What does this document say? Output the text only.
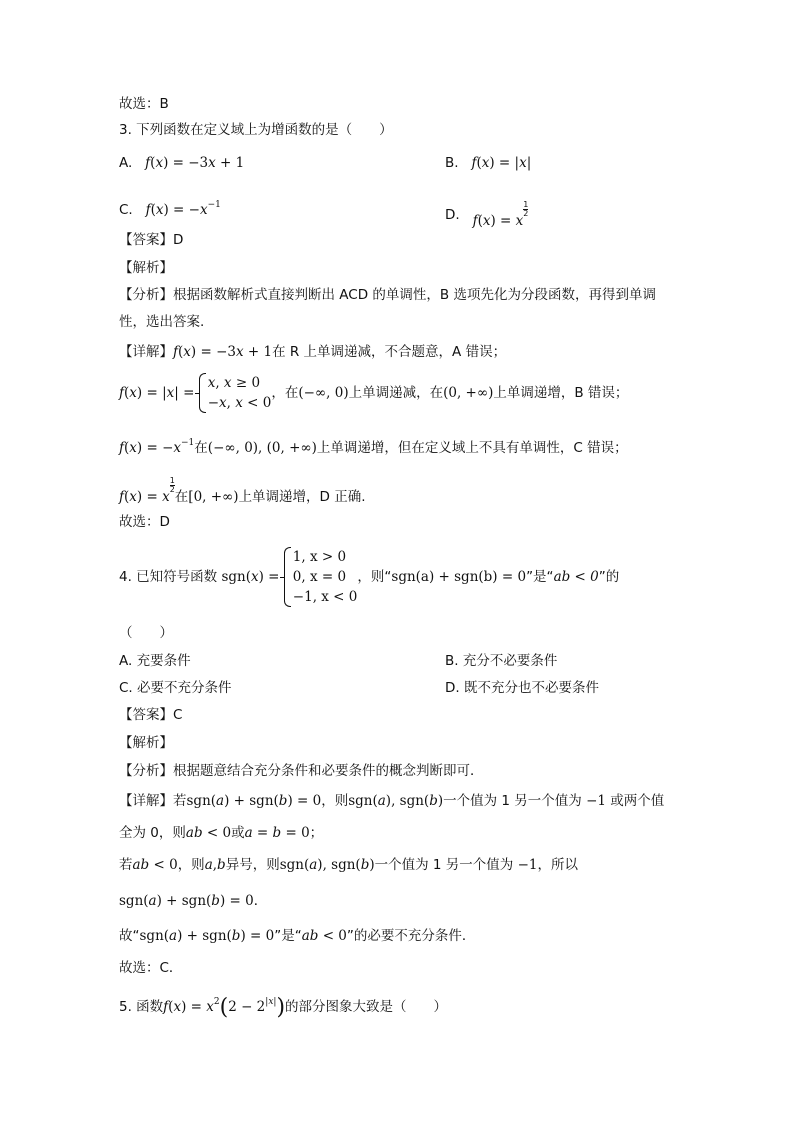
故选：B
3. 下列函数在定义域上为增函数的是（　　）
A. f(x) = −3x + 1	B. f(x) = |x|
C. $f(x) = -x^{-1}$
D. f(x) = x
$\frac{1}{2}$
【答案】D
【解析】
【分析】根据函数解析式直接判断出 ACD 的单调性，B 选项先化为分段函数，再得到单调
性，选出答案.
【详解】f(x) = −3x + 1在 R 上单调递减，不合题意，A 错误；
f(x) = |x| =
x, x ≥ 0
−x, x < 0
，在(−∞, 0)上单调递减，在(0, +∞)上单调递增，B 错误；
$f(x) = -x^{-1}$在(−∞, 0), (0, +∞)上单调递增，但在定义域上不具有单调性，C 错误；
f(x) = x
$\frac{1}{2}$
在[0, +∞)上单调递增，D 正确.
故选：D
4. 已知符号函数 sgn(x) =
1, x > 0
0, x = 0
−1, x < 0
，则“sgn(a) + sgn(b) = 0”是“ab < 0”的
（　　）
A. 充要条件	B. 充分不必要条件
C. 必要不充分条件	D. 既不充分也不必要条件
【答案】C
【解析】
【分析】根据题意结合充分条件和必要条件的概念判断即可．
【详解】若sgn(a) + sgn(b) = 0，则sgn(a), sgn(b)一个值为 1 另一个值为 −1 或两个值
全为 0，则ab < 0或a = b = 0；
若ab < 0，则a,b异号，则sgn(a), sgn(b)一个值为 1 另一个值为 −1，所以
sgn(a) + sgn(b) = 0．
故“sgn(a) + sgn(b) = 0”是“ab < 0”的必要不充分条件．
故选：C．
5. 函数$f(x) = x^2(2 - 2^{|x|})$的部分图象大致是（　　）
